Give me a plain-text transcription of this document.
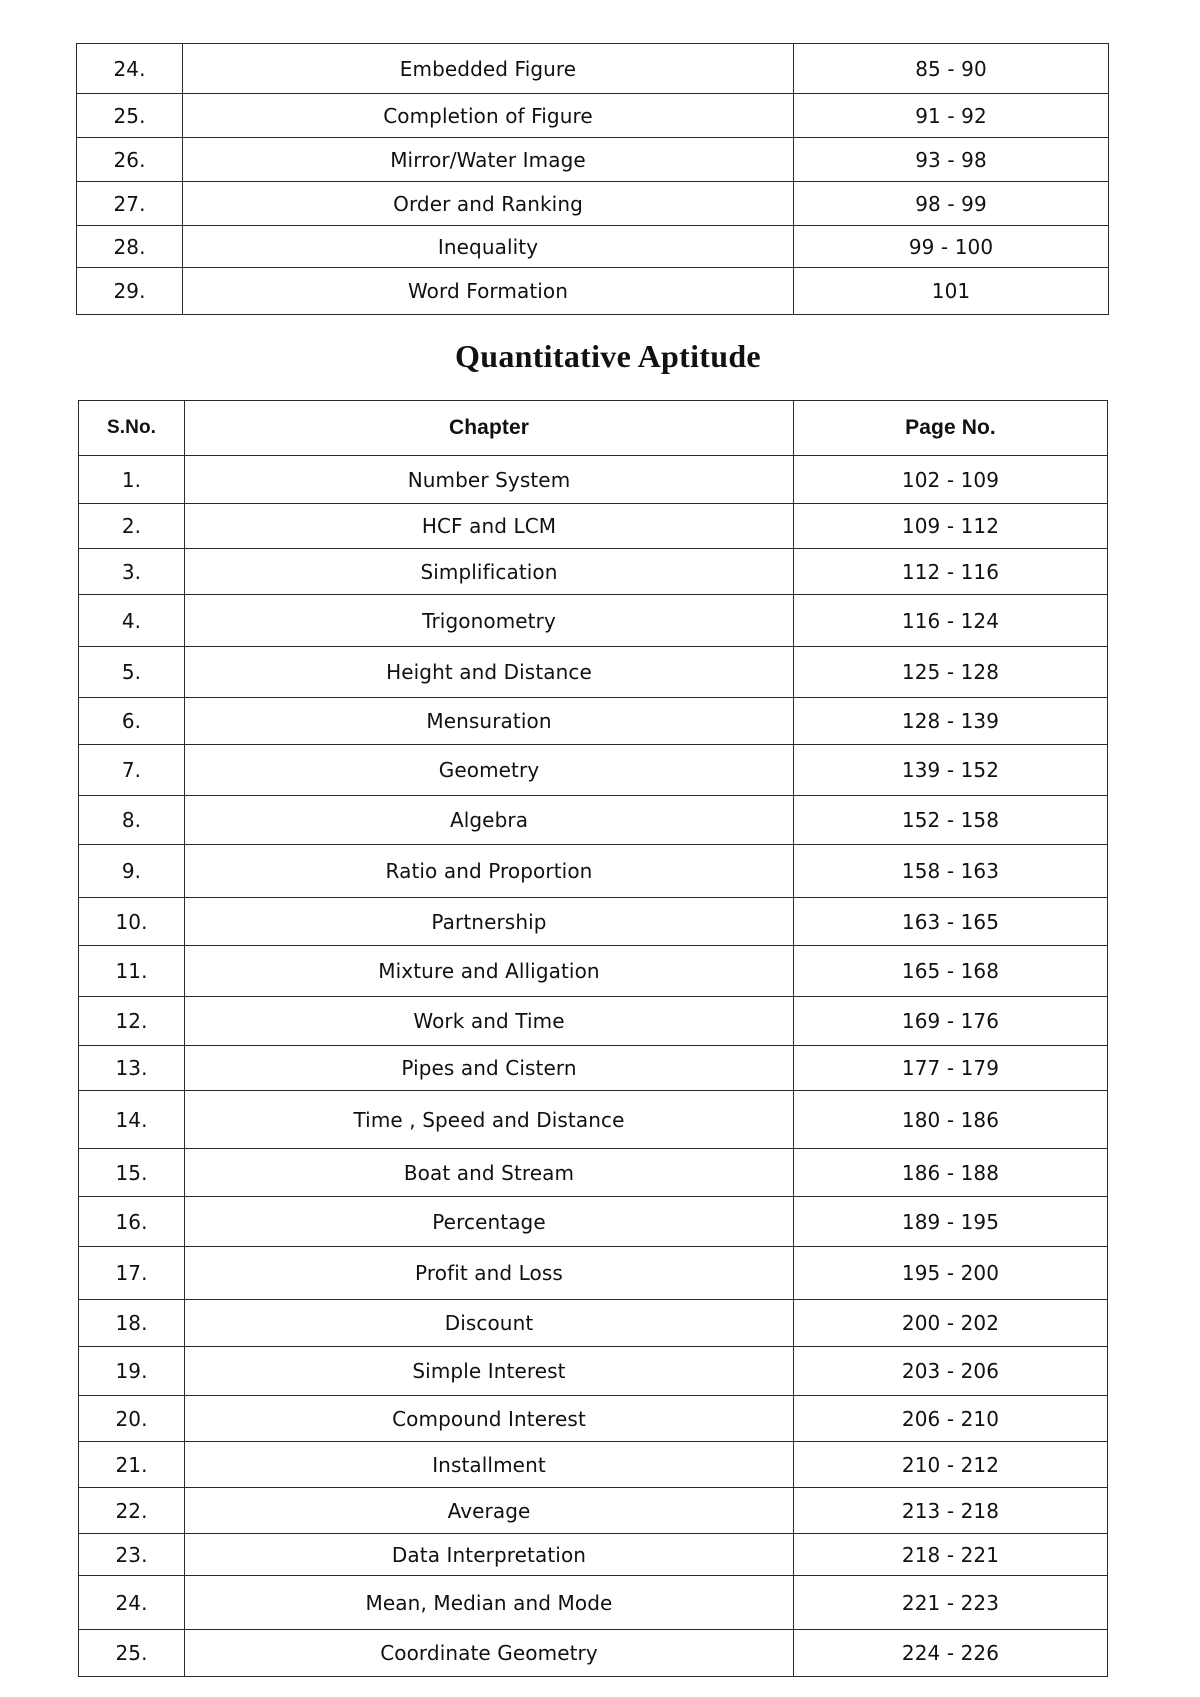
24.	Embedded Figure	85 - 90
25.	Completion of Figure	91 - 92
26.	Mirror/Water Image	93 - 98
27.	Order and Ranking	98 - 99
28.	Inequality	99 - 100
29.	Word Formation	101
Quantitative Aptitude
S.No.	Chapter	Page No.
1.	Number System	102 - 109
2.	HCF and LCM	109 - 112
3.	Simplification	112 - 116
4.	Trigonometry	116 - 124
5.	Height and Distance	125 - 128
6.	Mensuration	128 - 139
7.	Geometry	139 - 152
8.	Algebra	152 - 158
9.	Ratio and Proportion	158 - 163
10.	Partnership	163 - 165
11.	Mixture and Alligation	165 - 168
12.	Work and Time	169 - 176
13.	Pipes and Cistern	177 - 179
14.	Time , Speed and Distance	180 - 186
15.	Boat and Stream	186 - 188
16.	Percentage	189 - 195
17.	Profit and Loss	195 - 200
18.	Discount	200 - 202
19.	Simple Interest	203 - 206
20.	Compound Interest	206 - 210
21.	Installment	210 - 212
22.	Average	213 - 218
23.	Data Interpretation	218 - 221
24.	Mean, Median and Mode	221 - 223
25.	Coordinate Geometry	224 - 226
